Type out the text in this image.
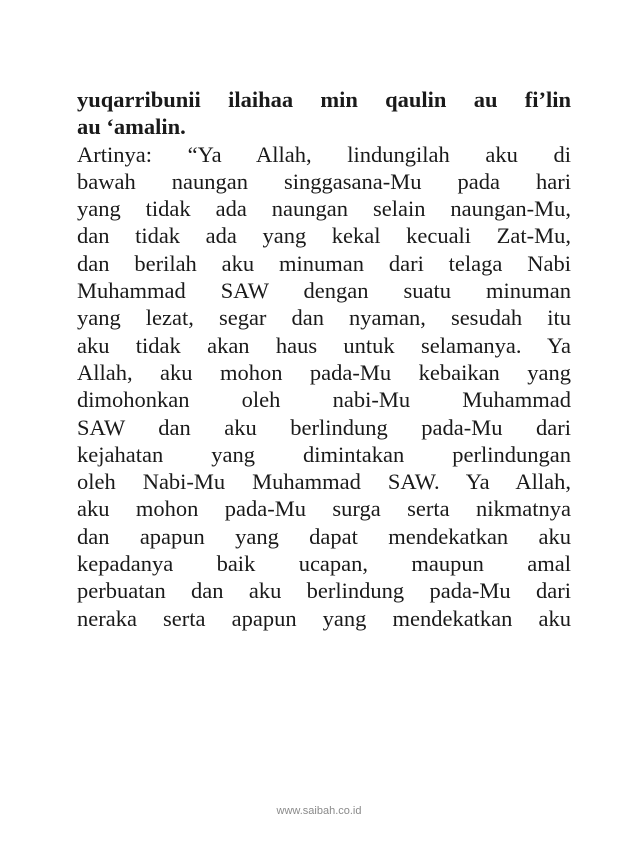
yuqarribunii ilaihaa min qaulin au fi’lin
au ‘amalin.
Artinya: “Ya Allah, lindungilah aku di
bawah naungan singgasana-Mu pada hari
yang tidak ada naungan selain naungan-Mu,
dan tidak ada yang kekal kecuali Zat-Mu,
dan berilah aku minuman dari telaga Nabi
Muhammad SAW dengan suatu minuman
yang lezat, segar dan nyaman, sesudah itu
aku tidak akan haus untuk selamanya. Ya
Allah, aku mohon pada-Mu kebaikan yang
dimohonkan oleh nabi-Mu Muhammad
SAW dan aku berlindung pada-Mu dari
kejahatan yang dimintakan perlindungan
oleh Nabi-Mu Muhammad SAW. Ya Allah,
aku mohon pada-Mu surga serta nikmatnya
dan apapun yang dapat mendekatkan aku
kepadanya baik ucapan, maupun amal
perbuatan dan aku berlindung pada-Mu dari
neraka serta apapun yang mendekatkan aku
www.saibah.co.id
